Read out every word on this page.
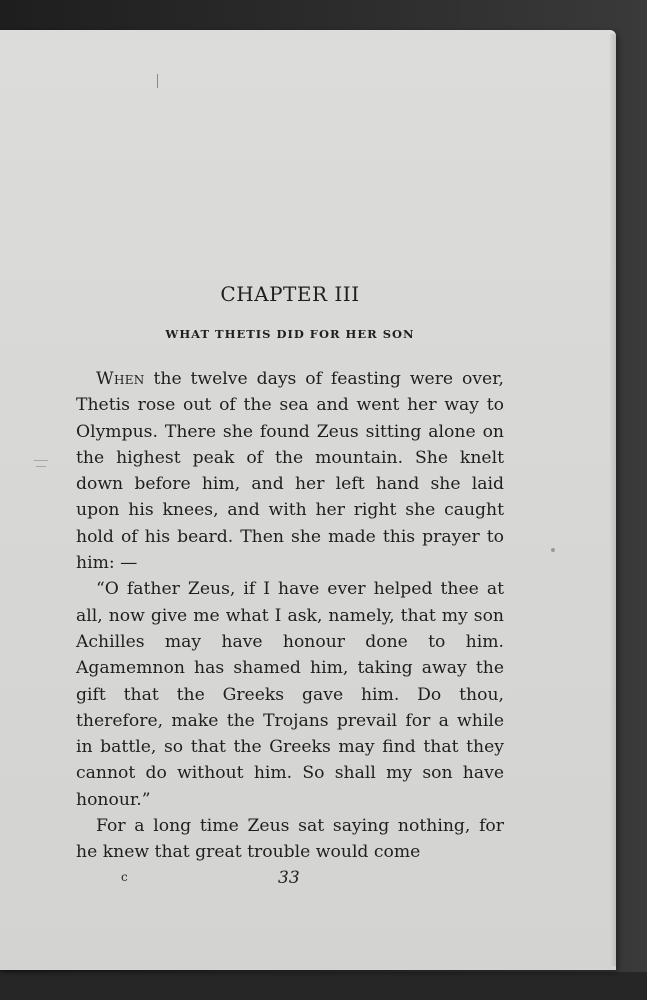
CHAPTER III
WHAT THETIS DID FOR HER SON

When the twelve days of feasting were over, Thetis rose out of the sea and went her way to Olympus. There she found Zeus sitting alone on the highest peak of the mountain. She knelt down before him, and her left hand she laid upon his knees, and with her right she caught hold of his beard. Then she made this prayer to him: —

“O father Zeus, if I have ever helped thee at all, now give me what I ask, namely, that my son Achilles may have honour done to him. Agamemnon has shamed him, taking away the gift that the Greeks gave him. Do thou, therefore, make the Trojans prevail for a while in battle, so that the Greeks may find that they cannot do without him. So shall my son have honour.”

For a long time Zeus sat saying nothing, for he knew that great trouble would come

c	33
